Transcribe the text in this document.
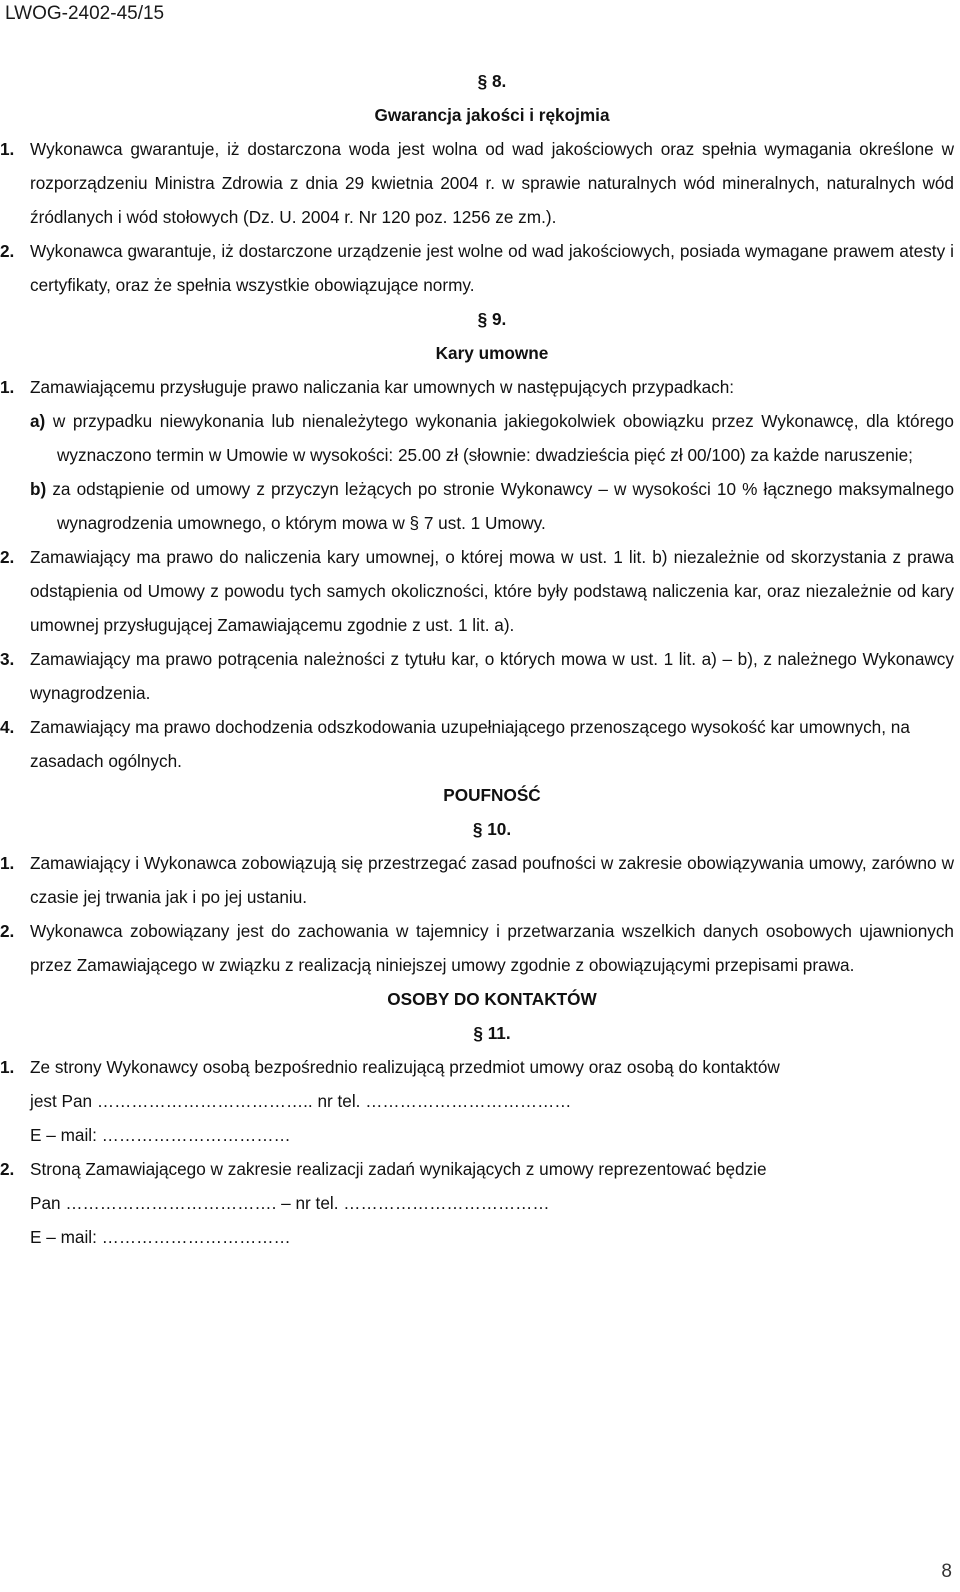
LWOG-2402-45/15
§ 8.
Gwarancja jakości i rękojmia
1. Wykonawca gwarantuje, iż dostarczona woda jest wolna od wad jakościowych oraz spełnia wymagania określone w rozporządzeniu Ministra Zdrowia z dnia 29 kwietnia 2004 r. w sprawie naturalnych wód mineralnych, naturalnych wód źródlanych i wód stołowych (Dz. U. 2004 r. Nr 120 poz. 1256 ze zm.).
2. Wykonawca gwarantuje, iż dostarczone urządzenie jest wolne od wad jakościowych, posiada wymagane prawem atesty i certyfikaty, oraz że spełnia wszystkie obowiązujące normy.
§ 9.
Kary umowne
1. Zamawiającemu przysługuje prawo naliczania kar umownych w następujących przypadkach:
a) w przypadku niewykonania lub nienależytego wykonania jakiegokolwiek obowiązku przez Wykonawcę, dla którego wyznaczono termin w Umowie w wysokości: 25.00 zł (słownie: dwadzieścia pięć zł 00/100) za każde naruszenie;
b) za odstąpienie od umowy z przyczyn leżących po stronie Wykonawcy – w wysokości 10 % łącznego maksymalnego wynagrodzenia umownego, o którym mowa w § 7 ust. 1 Umowy.
2. Zamawiający ma prawo do naliczenia kary umownej, o której mowa w ust. 1 lit. b) niezależnie od skorzystania z prawa odstąpienia od Umowy z powodu tych samych okoliczności, które były podstawą naliczenia kar, oraz niezależnie od kary umownej przysługującej Zamawiającemu zgodnie z ust. 1 lit. a).
3. Zamawiający ma prawo potrącenia należności z tytułu kar, o których mowa w ust. 1 lit. a) – b), z należnego Wykonawcy wynagrodzenia.
4. Zamawiający ma prawo dochodzenia odszkodowania uzupełniającego przenoszącego wysokość kar umownych, na zasadach ogólnych.
POUFNOŚĆ
§ 10.
1. Zamawiający i Wykonawca zobowiązują się przestrzegać zasad poufności w zakresie obowiązywania umowy, zarówno w czasie jej trwania jak i po jej ustaniu.
2. Wykonawca zobowiązany jest do zachowania w tajemnicy i przetwarzania wszelkich danych osobowych ujawnionych przez Zamawiającego w związku z realizacją niniejszej umowy zgodnie z obowiązującymi przepisami prawa.
OSOBY DO KONTAKTÓW
§ 11.
1. Ze strony Wykonawcy osobą bezpośrednio realizującą przedmiot umowy oraz osobą do kontaktów
jest Pan ……………………………….. nr tel. ………………………………
E – mail: ……………………………
2. Stroną Zamawiającego w zakresie realizacji zadań wynikających z umowy reprezentować będzie
Pan ………………………………. – nr tel. ………………………………
E – mail: ……………………………
8
